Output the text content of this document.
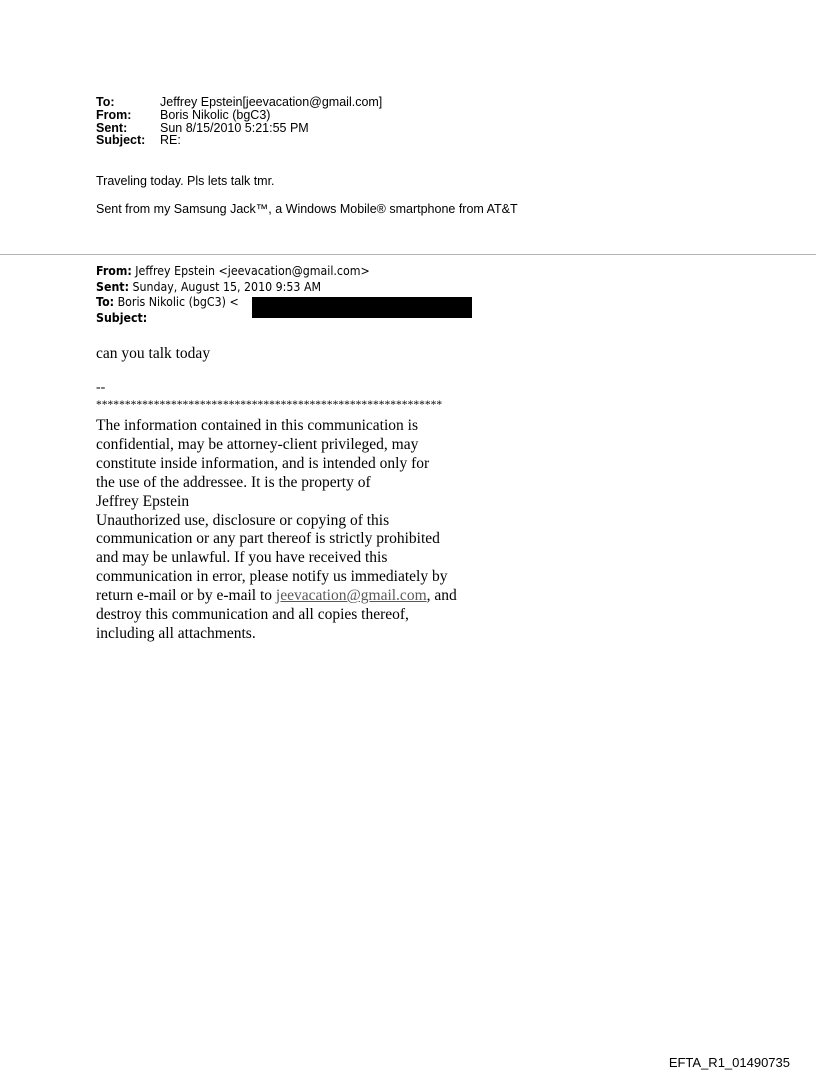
To:	Jeffrey Epstein[jeevacation@gmail.com]
From:	Boris Nikolic (bgC3)
Sent:	Sun 8/15/2010 5:21:55 PM
Subject:	RE:

Traveling today. Pls lets talk tmr.

Sent from my Samsung Jack™, a Windows Mobile® smartphone from AT&T

From: Jeffrey Epstein <jeevacation@gmail.com>
Sent: Sunday, August 15, 2010 9:53 AM
To: Boris Nikolic (bgC3) <
Subject:
can you talk today
--
************************************************************
The information contained in this communication is
confidential, may be attorney-client privileged, may
constitute inside information, and is intended only for
the use of the addressee. It is the property of
Jeffrey Epstein
Unauthorized use, disclosure or copying of this
communication or any part thereof is strictly prohibited
and may be unlawful. If you have received this
communication in error, please notify us immediately by
return e-mail or by e-mail to jeevacation@gmail.com, and
destroy this communication and all copies thereof,
including all attachments.
EFTA_R1_01490735
